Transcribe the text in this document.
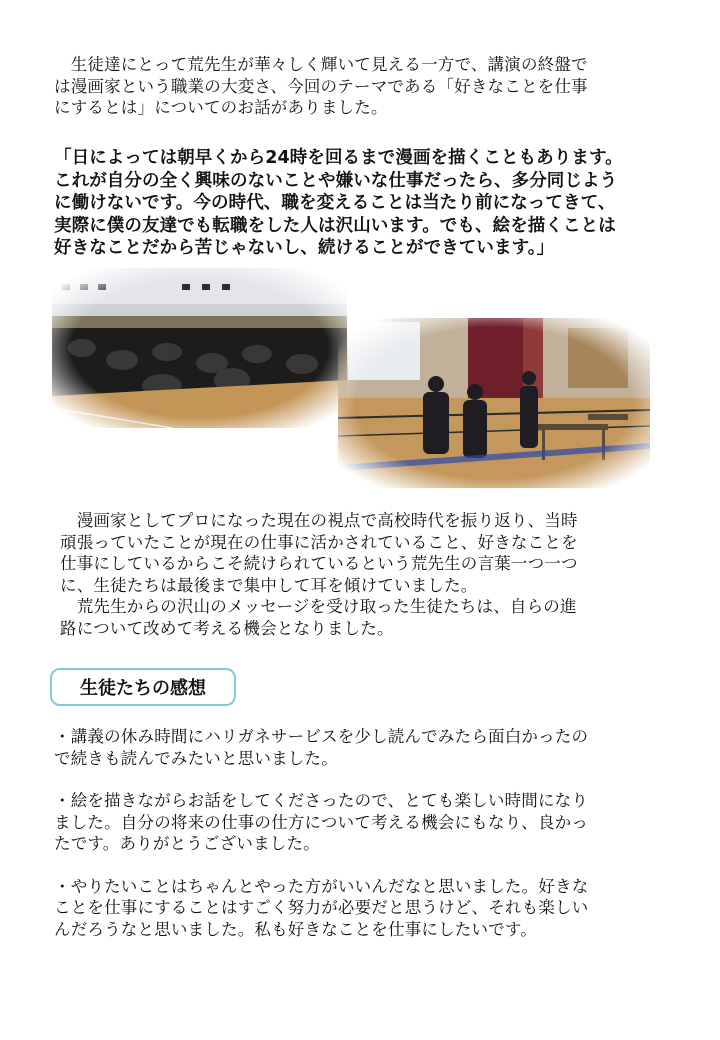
　生徒達にとって荒先生が華々しく輝いて見える一方で、講演の終盤で
は漫画家という職業の大変さ、今回のテーマである「好きなことを仕事
にするとは」についてのお話がありました。
「日によっては朝早くから24時を回るまで漫画を描くこともあります。
これが自分の全く興味のないことや嫌いな仕事だったら、多分同じよう
に働けないです。今の時代、職を変えることは当たり前になってきて、
実際に僕の友達でも転職をした人は沢山います。でも、絵を描くことは
好きなことだから苦じゃないし、続けることができています。」
　漫画家としてプロになった現在の視点で高校時代を振り返り、当時
頑張っていたことが現在の仕事に活かされていること、好きなことを
仕事にしているからこそ続けられているという荒先生の言葉一つ一つ
に、生徒たちは最後まで集中して耳を傾けていました。
　荒先生からの沢山のメッセージを受け取った生徒たちは、自らの進
路について改めて考える機会となりました。
生徒たちの感想
・講義の休み時間にハリガネサービスを少し読んでみたら面白かったの
で続きも読んでみたいと思いました。
・絵を描きながらお話をしてくださったので、とても楽しい時間になり
ました。自分の将来の仕事の仕方について考える機会にもなり、良かっ
たです。ありがとうございました。
・やりたいことはちゃんとやった方がいいんだなと思いました。好きな
ことを仕事にすることはすごく努力が必要だと思うけど、それも楽しい
んだろうなと思いました。私も好きなことを仕事にしたいです。
